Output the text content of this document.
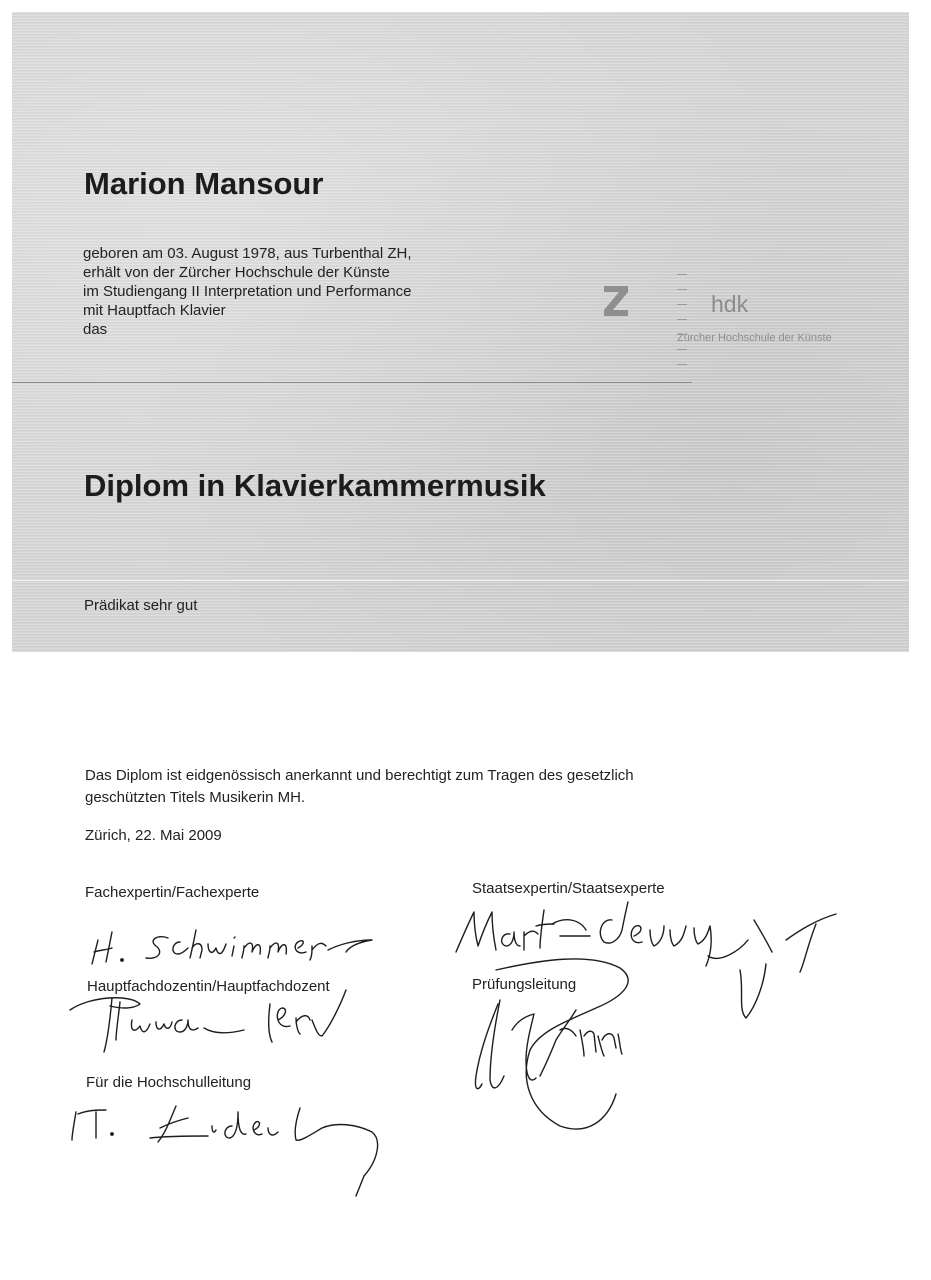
Marion Mansour
geboren am 03. August 1978, aus Turbenthal ZH,
erhält von der Zürcher Hochschule der Künste
im Studiengang II Interpretation und Performance
mit Hauptfach Klavier
das
hdk
Zürcher Hochschule der Künste
Diplom in Klavierkammermusik
Prädikat sehr gut
Das Diplom ist eidgenössisch anerkannt und berechtigt zum Tragen des gesetzlich
geschützten Titels Musikerin MH.
Zürich, 22. Mai 2009
Fachexpertin/Fachexperte	Staatsexpertin/Staatsexperte
Hauptfachdozentin/Hauptfachdozent	Prüfungsleitung
Für die Hochschulleitung
